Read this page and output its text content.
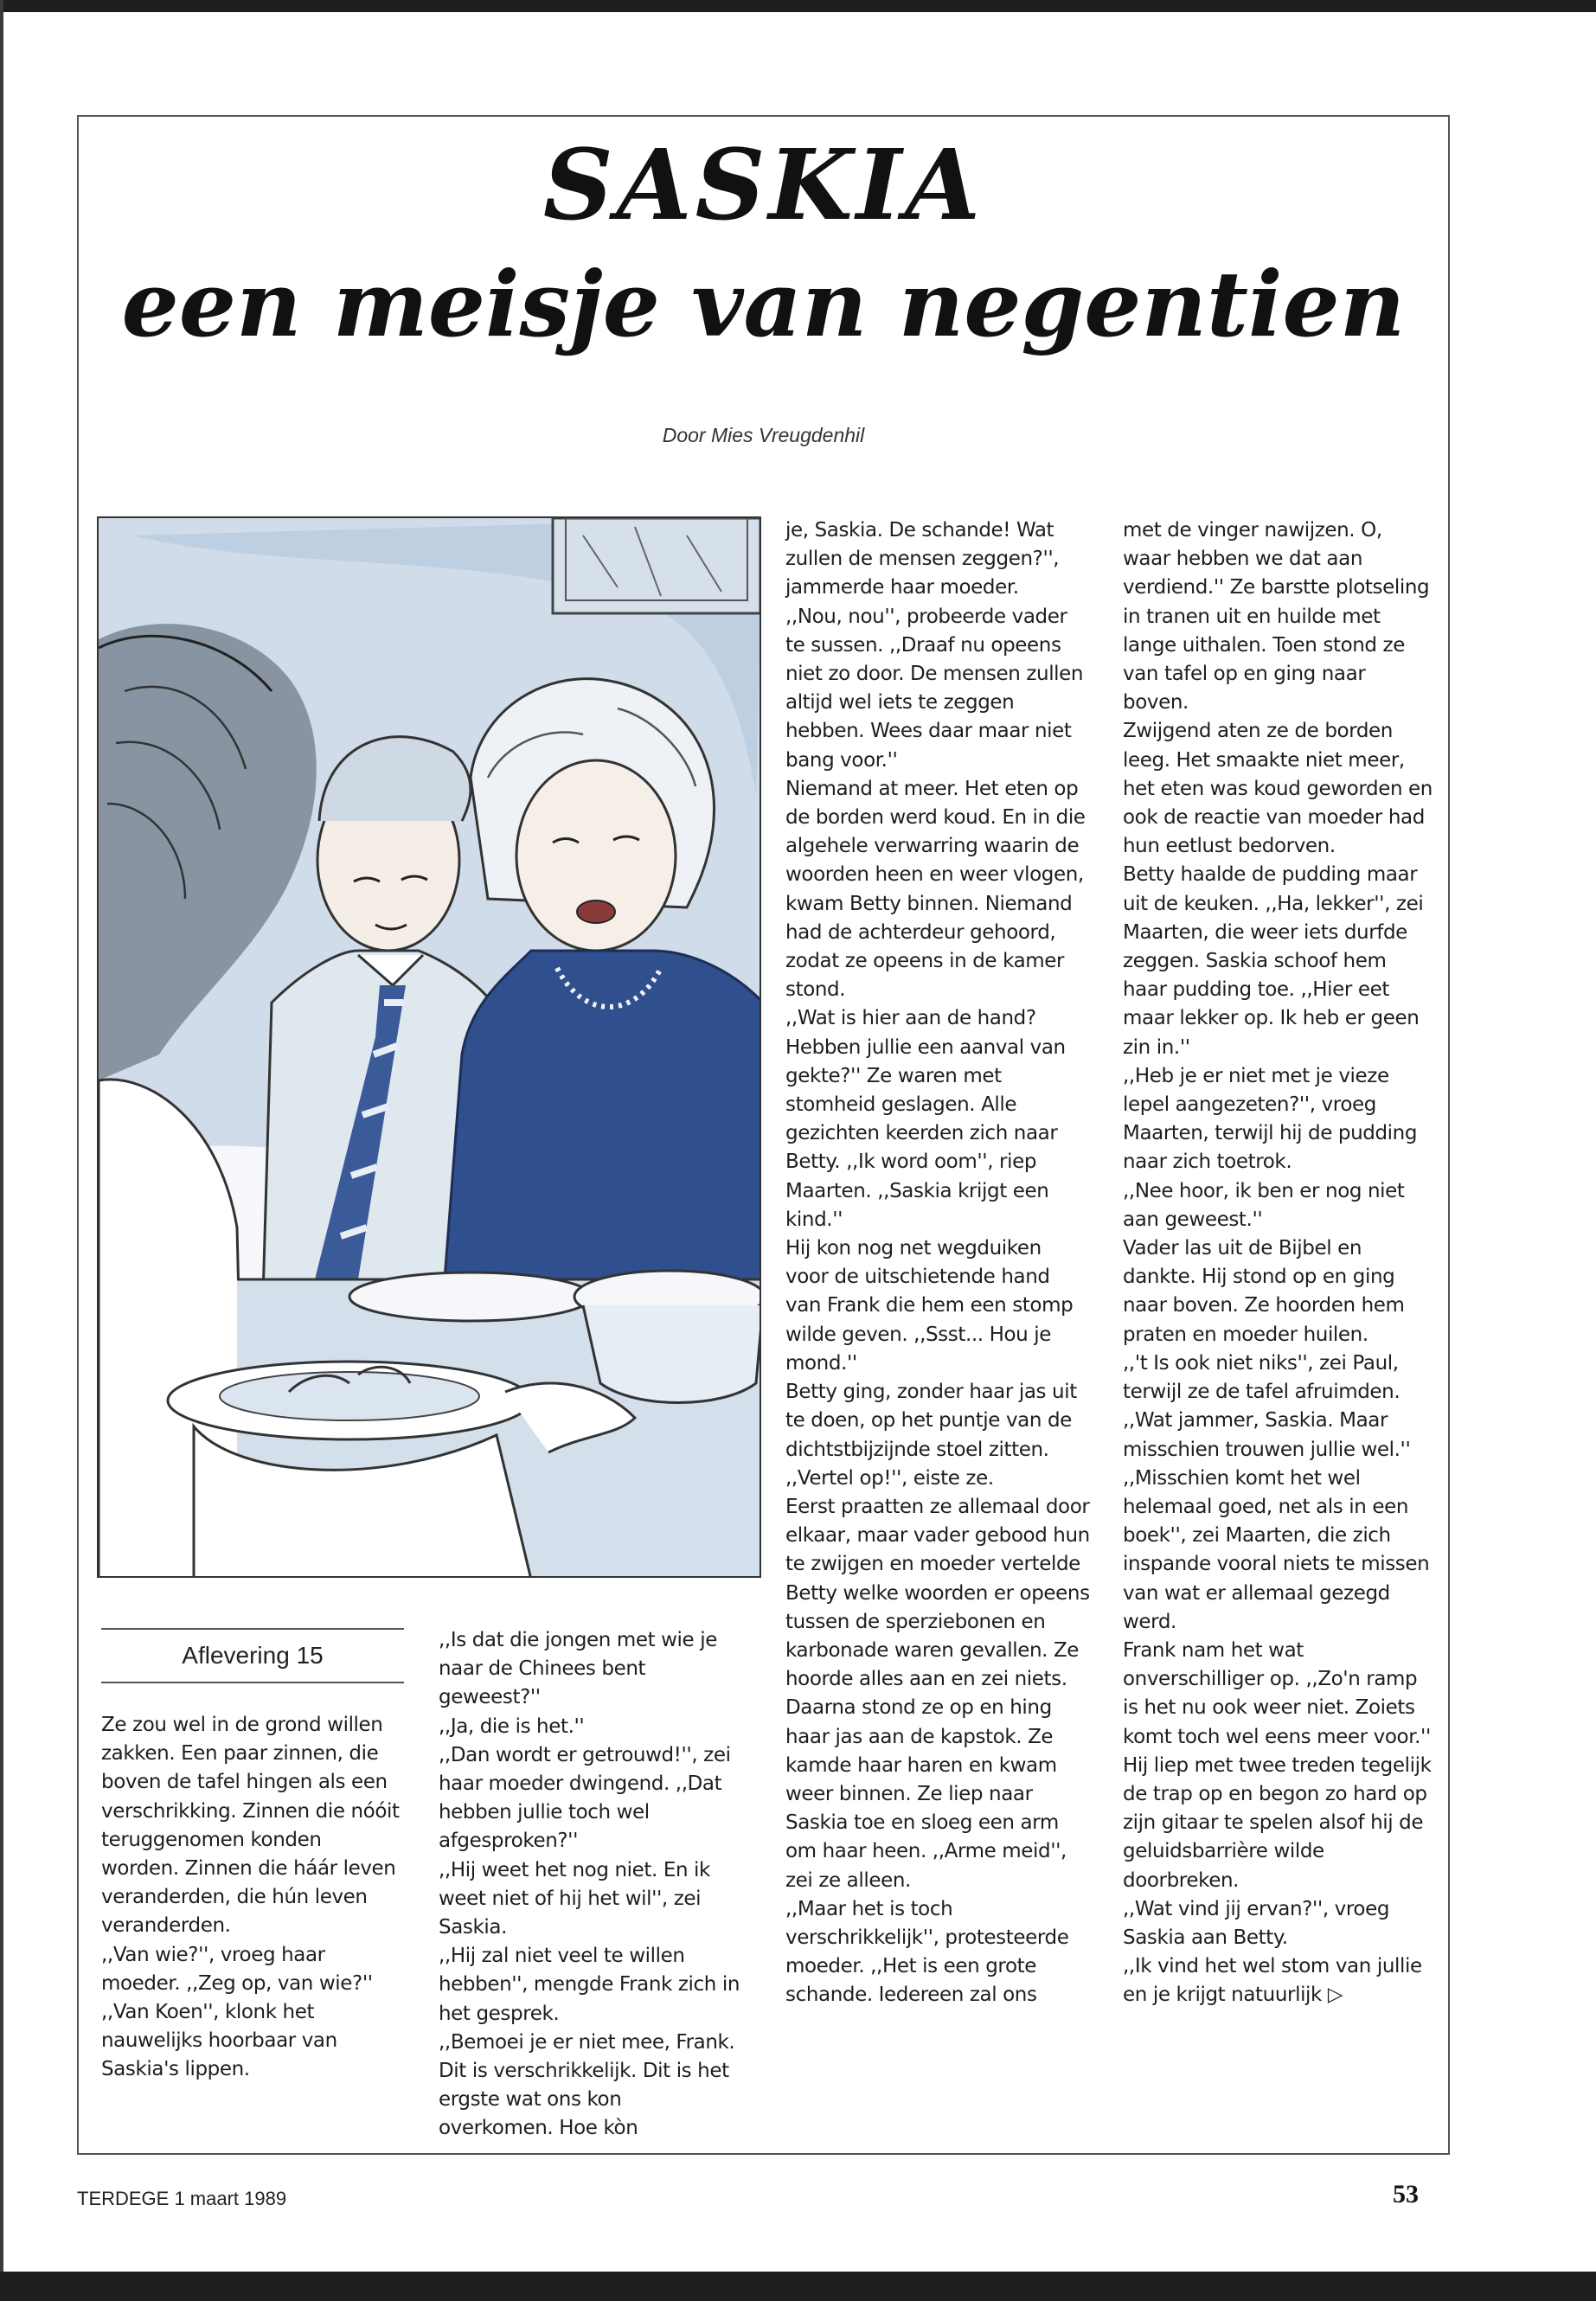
SASKIA
een meisje van negentien
Door Mies Vreugdenhil
Aflevering 15

Ze zou wel in de grond willen zakken. Een paar zinnen, die boven de tafel hingen als een verschrikking. Zinnen die nóóit teruggenomen konden worden. Zinnen die háár leven veranderden, die hún leven veranderden.

,,Van wie?'', vroeg haar moeder. ,,Zeg op, van wie?''

,,Van Koen'', klonk het nauwelijks hoorbaar van Saskia's lippen.

,,Is dat die jongen met wie je naar de Chinees bent geweest?''

,,Ja, die is het.''

,,Dan wordt er getrouwd!'', zei haar moeder dwingend. ,,Dat hebben jullie toch wel afgesproken?''

,,Hij weet het nog niet. En ik weet niet of hij het wil'', zei Saskia.

,,Hij zal niet veel te willen hebben'', mengde Frank zich in het gesprek.

,,Bemoei je er niet mee, Frank. Dit is verschrikkelijk. Dit is het ergste wat ons kon overkomen. Hoe kòn

je, Saskia. De schande! Wat zullen de mensen zeggen?'', jammerde haar moeder.

,,Nou, nou'', probeerde vader te sussen. ,,Draaf nu opeens niet zo door. De mensen zullen altijd wel iets te zeggen hebben. Wees daar maar niet bang voor.''

Niemand at meer. Het eten op de borden werd koud. En in die algehele verwarring waarin de woorden heen en weer vlogen, kwam Betty binnen. Niemand had de achterdeur gehoord, zodat ze opeens in de kamer stond.

,,Wat is hier aan de hand? Hebben jullie een aanval van gekte?'' Ze waren met stomheid geslagen. Alle gezichten keerden zich naar Betty. ,,Ik word oom'', riep Maarten. ,,Saskia krijgt een kind.''

Hij kon nog net wegduiken voor de uitschietende hand van Frank die hem een stomp wilde geven. ,,Ssst... Hou je mond.''

Betty ging, zonder haar jas uit te doen, op het puntje van de dichtstbijzijnde stoel zitten. ,,Vertel op!'', eiste ze.

Eerst praatten ze allemaal door elkaar, maar vader gebood hun te zwijgen en moeder vertelde Betty welke woorden er opeens tussen de sperziebonen en karbonade waren gevallen. Ze hoorde alles aan en zei niets. Daarna stond ze op en hing haar jas aan de kapstok. Ze kamde haar haren en kwam weer binnen. Ze liep naar Saskia toe en sloeg een arm om haar heen. ,,Arme meid'', zei ze alleen.

,,Maar het is toch verschrikkelijk'', protesteerde moeder. ,,Het is een grote schande. Iedereen zal ons

met de vinger nawijzen. O, waar hebben we dat aan verdiend.'' Ze barstte plotseling in tranen uit en huilde met lange uithalen. Toen stond ze van tafel op en ging naar boven.

Zwijgend aten ze de borden leeg. Het smaakte niet meer, het eten was koud geworden en ook de reactie van moeder had hun eetlust bedorven.

Betty haalde de pudding maar uit de keuken. ,,Ha, lekker'', zei Maarten, die weer iets durfde zeggen. Saskia schoof hem haar pudding toe. ,,Hier eet maar lekker op. Ik heb er geen zin in.''

,,Heb je er niet met je vieze lepel aangezeten?'', vroeg Maarten, terwijl hij de pudding naar zich toetrok.

,,Nee hoor, ik ben er nog niet aan geweest.''

Vader las uit de Bijbel en dankte. Hij stond op en ging naar boven. Ze hoorden hem praten en moeder huilen.

,,'t Is ook niet niks'', zei Paul, terwijl ze de tafel afruimden. ,,Wat jammer, Saskia. Maar misschien trouwen jullie wel.''

,,Misschien komt het wel helemaal goed, net als in een boek'', zei Maarten, die zich inspande vooral niets te missen van wat er allemaal gezegd werd.

Frank nam het wat onverschilliger op. ,,Zo'n ramp is het nu ook weer niet. Zoiets komt toch wel eens meer voor.'' Hij liep met twee treden tegelijk de trap op en begon zo hard op zijn gitaar te spelen alsof hij de geluidsbarrière wilde doorbreken.

,,Wat vind jij ervan?'', vroeg Saskia aan Betty.

,,Ik vind het wel stom van jullie en je krijgt natuurlijk ▷

TERDEGE 1 maart 1989	53
